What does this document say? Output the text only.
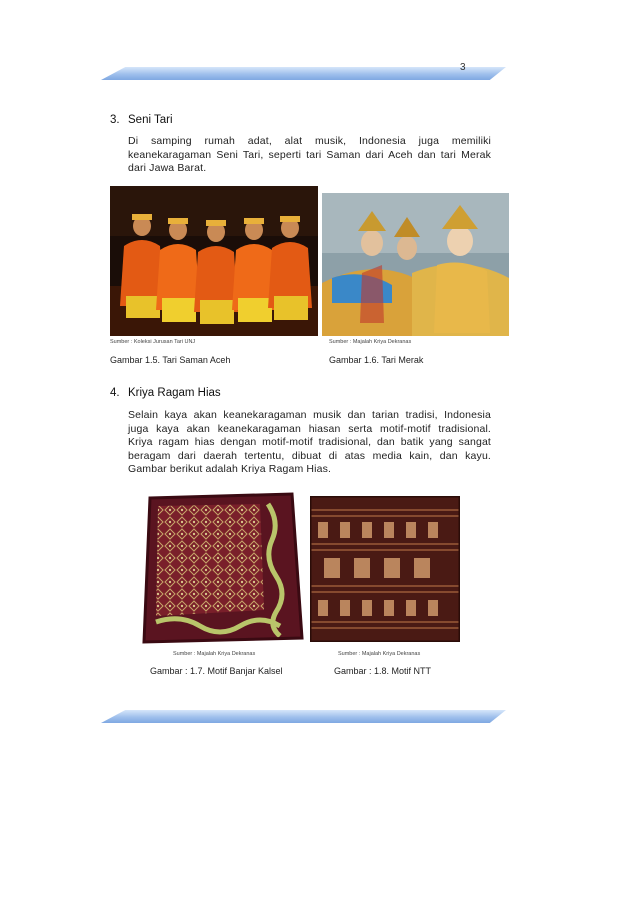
3
3. Seni Tari
Di samping rumah adat, alat musik, Indonesia juga memiliki
keanekaragaman Seni Tari, seperti tari Saman dari Aceh dan tari Merak
dari Jawa Barat.
Sumber : Koleksi Jurusan Tari UNJ
Gambar 1.5. Tari Saman Aceh
Sumber : Majalah Kriya Dekranas
Gambar 1.6. Tari Merak
4. Kriya Ragam Hias
Selain kaya akan keanekaragaman musik dan tarian tradisi, Indonesia
juga kaya akan keanekaragaman hiasan serta motif-motif tradisional.
Kriya ragam hias dengan motif-motif tradisional, dan batik yang sangat
beragam dari daerah tertentu, dibuat di atas media kain, dan kayu.
Gambar berikut adalah Kriya Ragam Hias.
Sumber : Majalah Kriya Dekranas
Gambar : 1.7. Motif Banjar Kalsel
Sumber : Majalah Kriya Dekranas
Gambar : 1.8. Motif NTT
